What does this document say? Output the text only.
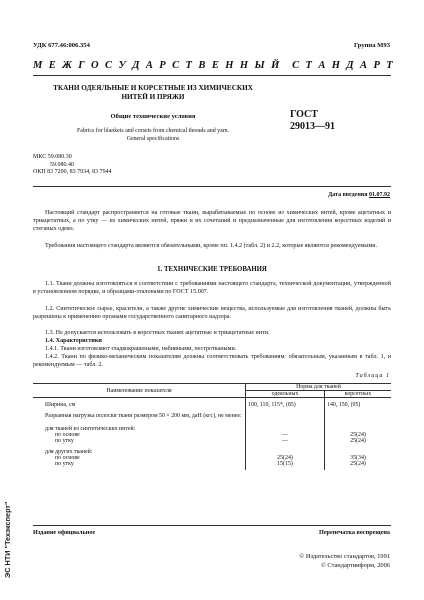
УДК 677.46:006.354	Группа М93
М Е Ж Г О С У Д А Р С Т В Е Н Н Ы Й С Т А Н Д А Р Т
ТКАНИ ОДЕЯЛЬНЫЕ И КОРСЕТНЫЕ ИЗ ХИМИЧЕСКИХ
НИТЕЙ И ПРЯЖИ
Общие технические условия	ГОСТ
29013—91
Fabrics for blankets and corsets from chemical threads and yarn.
General specifications
МКС 59.080.30
59.080.40
ОКП 83 7200, 83 7934, 83 7944
Дата введения 01.07.92
Настоящий стандарт распространяется на готовые ткани, вырабатываемые по основе из химических нитей, кроме ацетатных и триацетатных, а по утку — из химических нитей, пряжи и их сочетаний и предназначенные для изготовления корсетных изделий и стеганых одеял.
Требования настоящего стандарта являются обязательными, кроме пп. 1.4.2 (табл. 2) и 2.2, которые являются рекомендуемыми.
1. ТЕХНИЧЕСКИЕ ТРЕБОВАНИЯ
1.1. Ткани должны изготовляться в соответствии с требованиями настоящего стандарта, технической документации, утвержденной в установленном порядке, и образцами-эталонами по ГОСТ 15.007.
1.2. Синтетическое сырье, красители, а также другие химические вещества, используемые для изготовления тканей, должны быть разрешены к применению органами государственного санитарного надзора.
1.3. Не допускается использовать в корсетных тканях ацетатные и триацетатные нити.
1.4. Характеристики
1.4.1. Ткани изготовляют гладкокрашеными, набивными, пестроткаными.
1.4.2. Ткани по физико-механическим показателям должны соответствовать требованиям: обязательным, указанным в табл. 1, и рекомендуемым — табл. 2.
Таблица 1
Наименование показателя	Норма для тканей	
	одеяльных	корсетных
Ширина, см	100, 110, 115*, (85)	140, 150, (95)
Разрывная нагрузка полоски ткани размером 50 × 200 мм, даН (кгс), не менее:		
для тканей из синтетических нитей:		
по основе	—	25(24)
по утку	—	25(24)
для других тканей:		
по основе	25(24)	35(34)
по утку	15(15)	25(24)
Издание официальное	Перепечатка воспрещена
© Издательство стандартов, 1991
© Стандартинформ, 2006
ЭС НТИ "Техэксперт"
